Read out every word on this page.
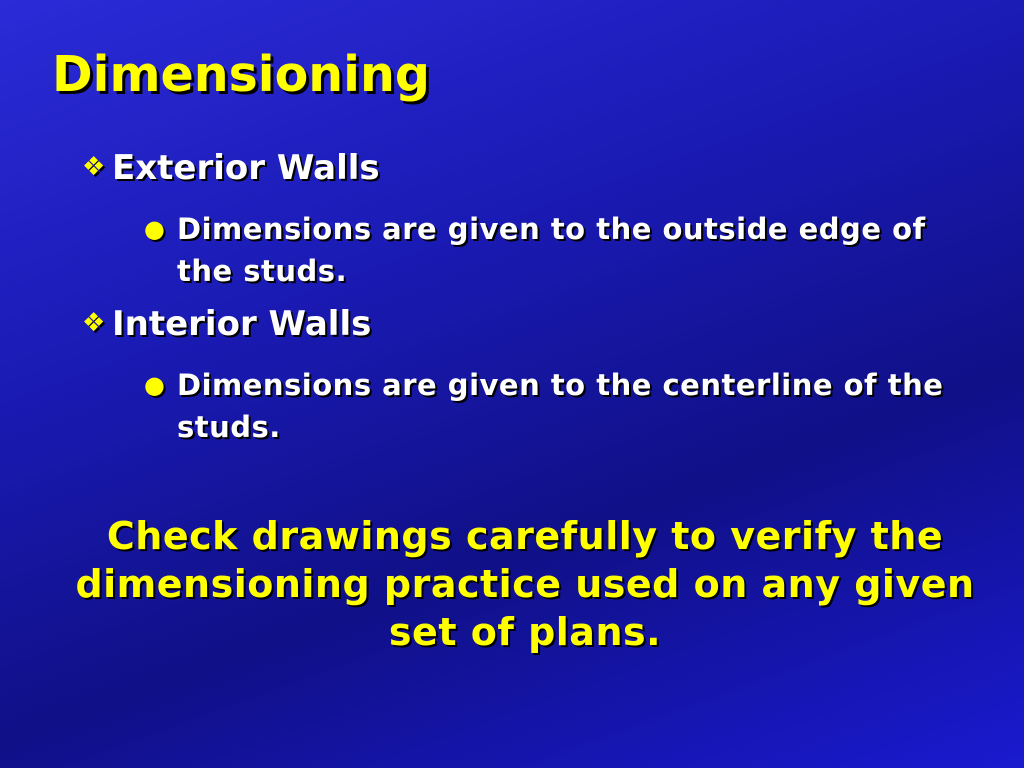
Dimensioning
❖ Exterior Walls
● Dimensions are given to the outside edge of the studs.
❖ Interior Walls
● Dimensions are given to the centerline of the studs.
Check drawings carefully to verify the dimensioning practice used on any given set of plans.
